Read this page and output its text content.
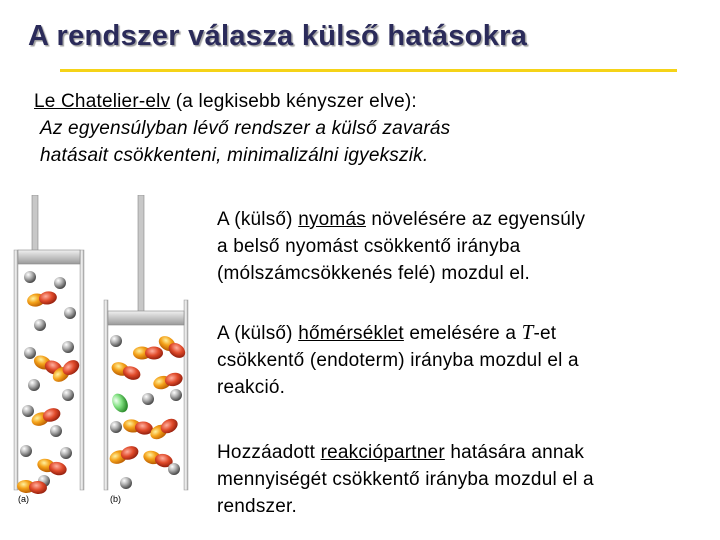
A rendszer válasza külső hatásokra
Le Chatelier-elv (a legkisebb kényszer elve):
Az egyensúlyban lévő rendszer a külső zavarás
hatásait csökkenteni, minimalizálni igyekszik.
A (külső) nyomás növelésére az egyensúly
a belső nyomást csökkentő irányba
(mólszámcsökkenés felé) mozdul el.
A (külső) hőmérséklet emelésére a T-et
csökkentő (endoterm) irányba mozdul el a
reakció.
Hozzáadott reakciópartner hatására annak
mennyiségét csökkentő irányba mozdul el a
rendszer.
(a)	(b)
